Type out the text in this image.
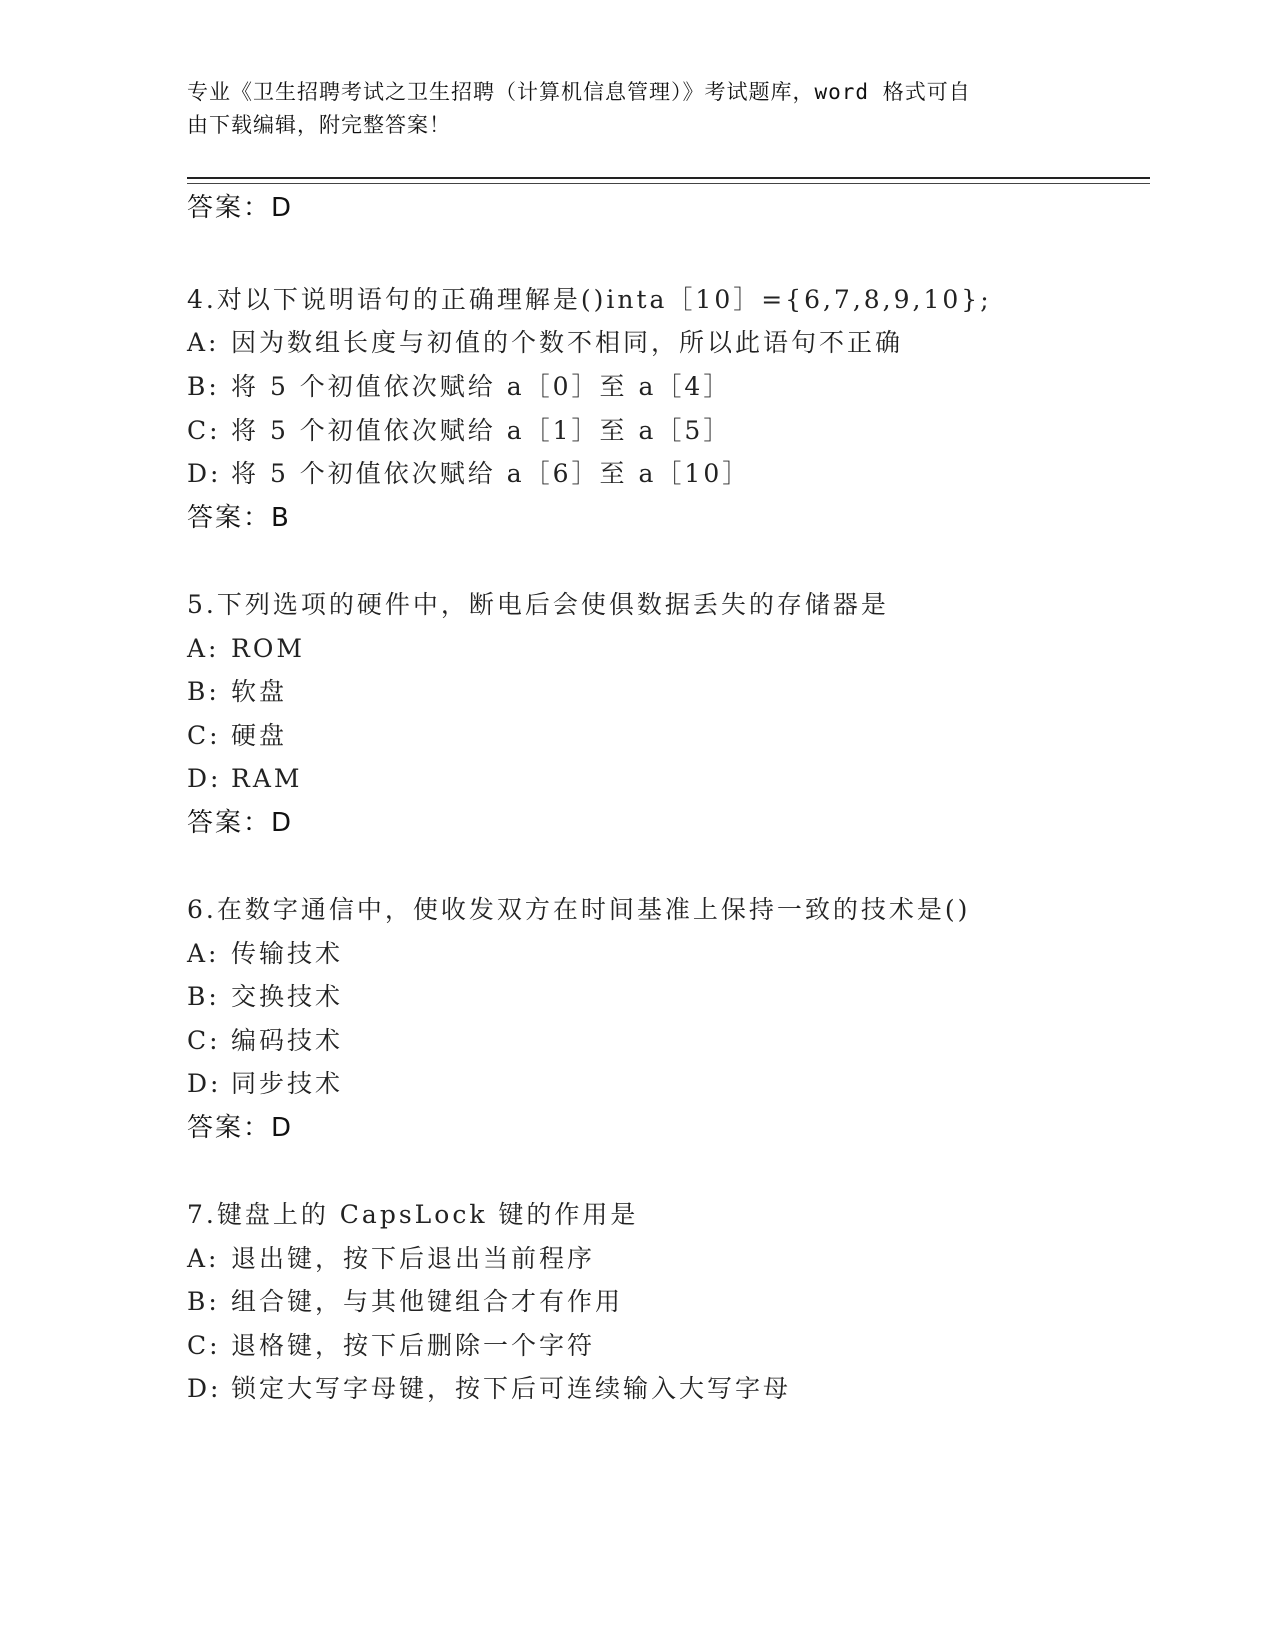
专业《卫生招聘考试之卫生招聘（计算机信息管理）》考试题库，word 格式可自
由下载编辑，附完整答案！
答案：D
4.对以下说明语句的正确理解是()inta［10］={6,7,8,9,10};
A: 因为数组长度与初值的个数不相同，所以此语句不正确
B: 将 5 个初值依次赋给 a［0］至 a［4］
C: 将 5 个初值依次赋给 a［1］至 a［5］
D: 将 5 个初值依次赋给 a［6］至 a［10］
答案：B
5.下列选项的硬件中，断电后会使俱数据丢失的存储器是
A: ROM
B: 软盘
C: 硬盘
D: RAM
答案：D
6.在数字通信中，使收发双方在时间基准上保持一致的技术是()
A: 传输技术
B: 交换技术
C: 编码技术
D: 同步技术
答案：D
7.键盘上的 CapsLock 键的作用是
A: 退出键，按下后退出当前程序
B: 组合键，与其他键组合才有作用
C: 退格键，按下后删除一个字符
D: 锁定大写字母键，按下后可连续输入大写字母
